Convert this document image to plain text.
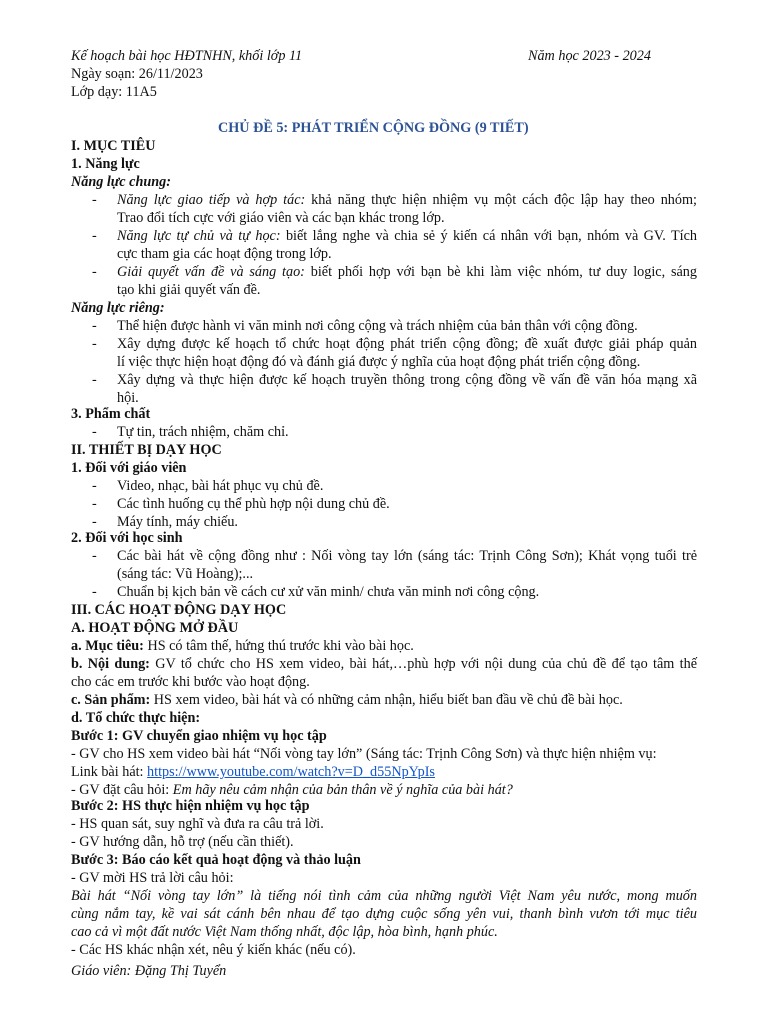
Kế hoạch bài học HĐTNHN, khối lớp 11	Năm học 2023 - 2024
Ngày soạn: 26/11/2023
Lớp dạy: 11A5
CHỦ ĐỀ 5: PHÁT TRIỂN CỘNG ĐỒNG (9 TIẾT)
I. MỤC TIÊU
1. Năng lực
Năng lực chung:
- Năng lực giao tiếp và hợp tác: khả năng thực hiện nhiệm vụ một cách độc lập hay theo nhóm;
Trao đổi tích cực với giáo viên và các bạn khác trong lớp.
- Năng lực tự chủ và tự học: biết lắng nghe và chia sẻ ý kiến cá nhân với bạn, nhóm và GV. Tích
cực tham gia các hoạt động trong lớp.
- Giải quyết vấn đề và sáng tạo: biết phối hợp với bạn bè khi làm việc nhóm, tư duy logic, sáng
tạo khi giải quyết vấn đề.
Năng lực riêng:
- Thể hiện được hành vi văn minh nơi công cộng và trách nhiệm của bản thân với cộng đồng.
- Xây dựng được kế hoạch tổ chức hoạt động phát triển cộng đồng; đề xuất được giải pháp quản
lí việc thực hiện hoạt động đó và đánh giá được ý nghĩa của hoạt động phát triển cộng đồng.
- Xây dựng và thực hiện được kế hoạch truyền thông trong cộng đồng về vấn đề văn hóa mạng xã
hội.
3. Phẩm chất
- Tự tin, trách nhiệm, chăm chỉ.
II. THIẾT BỊ DẠY HỌC
1. Đối với giáo viên
- Video, nhạc, bài hát phục vụ chủ đề.
- Các tình huống cụ thể phù hợp nội dung chủ đề.
- Máy tính, máy chiếu.
2. Đối với học sinh
- Các bài hát về cộng đồng như : Nối vòng tay lớn (sáng tác: Trịnh Công Sơn); Khát vọng tuổi trẻ
(sáng tác: Vũ Hoàng);...
- Chuẩn bị kịch bản về cách cư xử văn minh/ chưa văn minh nơi công cộng.
III. CÁC HOẠT ĐỘNG DẠY HỌC
A. HOẠT ĐỘNG MỞ ĐẦU
a. Mục tiêu: HS có tâm thế, hứng thú trước khi vào bài học.
b. Nội dung: GV tổ chức cho HS xem video, bài hát,…phù hợp với nội dung của chủ đề để tạo tâm thế
cho các em trước khi bước vào hoạt động.
c. Sản phẩm: HS xem video, bài hát và có những cảm nhận, hiểu biết ban đầu về chủ đề bài học.
d. Tổ chức thực hiện:
Bước 1: GV chuyển giao nhiệm vụ học tập
- GV cho HS xem video bài hát “Nối vòng tay lớn” (Sáng tác: Trịnh Công Sơn) và thực hiện nhiệm vụ:
Link bài hát: https://www.youtube.com/watch?v=D_d55NpYpIs
- GV đặt câu hỏi: Em hãy nêu cảm nhận của bản thân về ý nghĩa của bài hát?
Bước 2: HS thực hiện nhiệm vụ học tập
- HS quan sát, suy nghĩ và đưa ra câu trả lời.
- GV hướng dẫn, hỗ trợ (nếu cần thiết).
Bước 3: Báo cáo kết quả hoạt động và thảo luận
- GV mời HS trả lời câu hỏi:
Bài hát “Nối vòng tay lớn” là tiếng nói tình cảm của những người Việt Nam yêu nước, mong muốn
cùng nắm tay, kề vai sát cánh bên nhau để tạo dựng cuộc sống yên vui, thanh bình vươn tới mục tiêu
cao cả vì một đất nước Việt Nam thống nhất, độc lập, hòa bình, hạnh phúc.
- Các HS khác nhận xét, nêu ý kiến khác (nếu có).
Giáo viên: Đặng Thị Tuyển
